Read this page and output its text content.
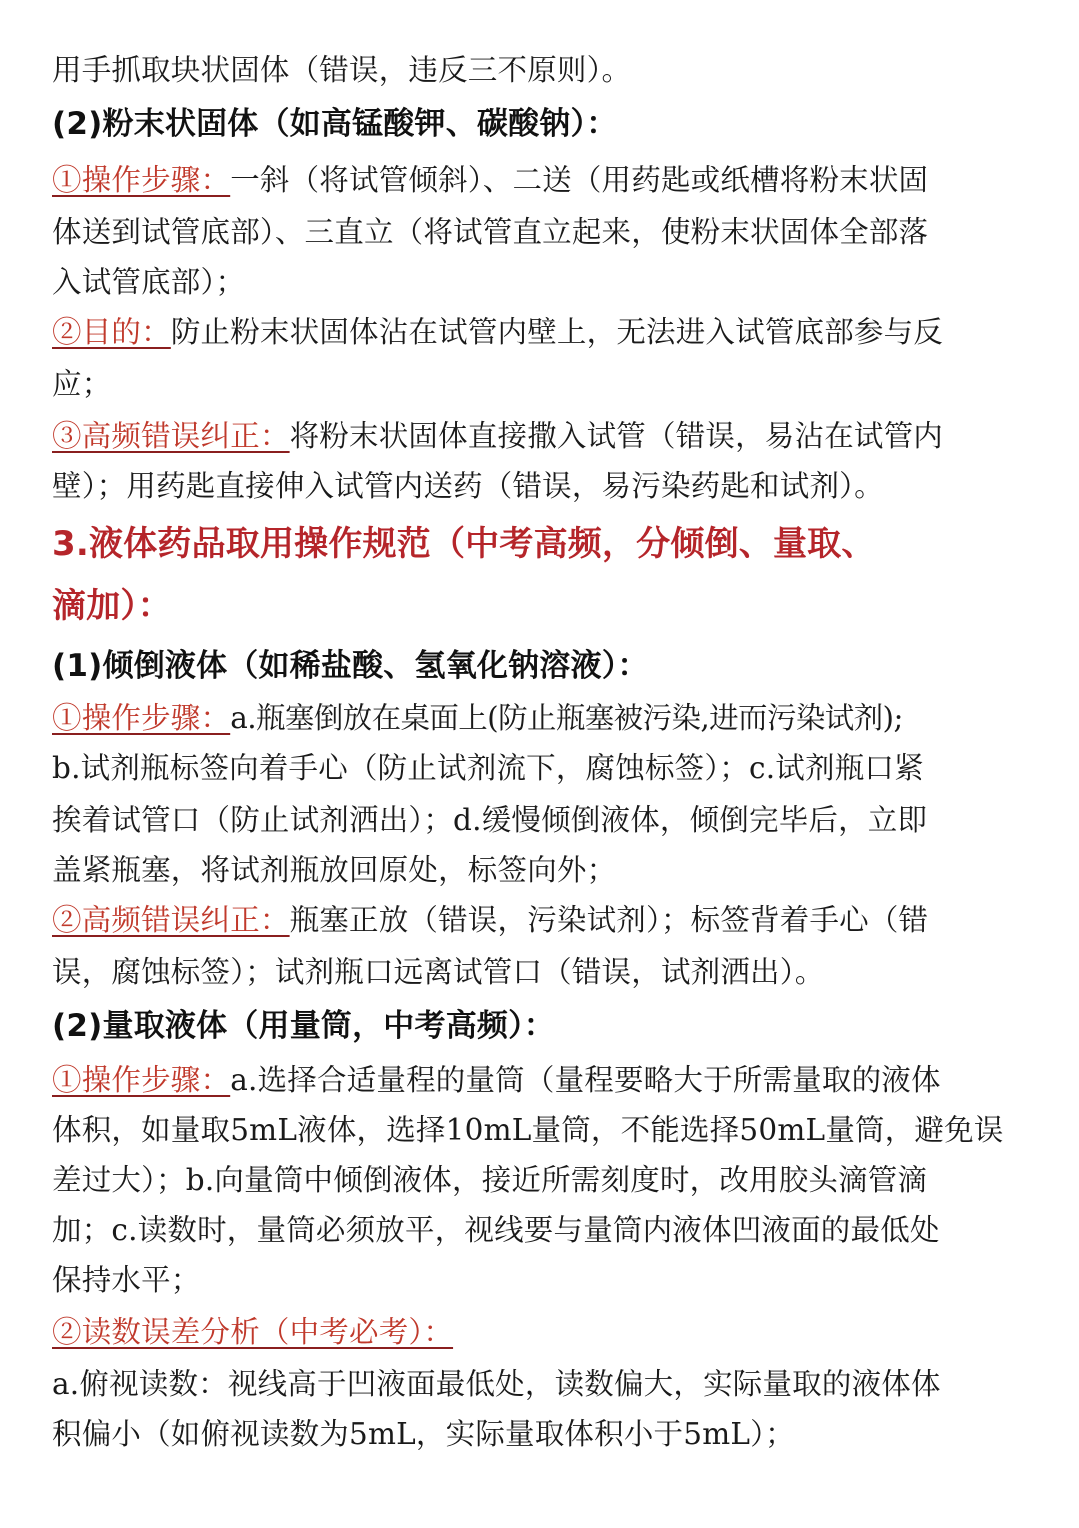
用手抓取块状固体（错误，违反三不原则）。
(2)粉末状固体（如高锰酸钾、碳酸钠）：
①操作步骤：一斜（将试管倾斜）、二送（用药匙或纸槽将粉末状固
体送到试管底部）、三直立（将试管直立起来，使粉末状固体全部落
入试管底部）；
②目的：防止粉末状固体沾在试管内壁上，无法进入试管底部参与反
应；
③高频错误纠正：将粉末状固体直接撒入试管（错误，易沾在试管内
壁）；用药匙直接伸入试管内送药（错误，易污染药匙和试剂）。
3.液体药品取用操作规范（中考高频，分倾倒、量取、
滴加）：
(1)倾倒液体（如稀盐酸、氢氧化钠溶液）：
①操作步骤：a.瓶塞倒放在桌面上(防止瓶塞被污染,进而污染试剂);
b.试剂瓶标签向着手心（防止试剂流下，腐蚀标签）；c.试剂瓶口紧
挨着试管口（防止试剂洒出）；d.缓慢倾倒液体，倾倒完毕后，立即
盖紧瓶塞，将试剂瓶放回原处，标签向外；
②高频错误纠正：瓶塞正放（错误，污染试剂）；标签背着手心（错
误，腐蚀标签）；试剂瓶口远离试管口（错误，试剂洒出）。
(2)量取液体（用量筒，中考高频）：
①操作步骤：a.选择合适量程的量筒（量程要略大于所需量取的液体
体积，如量取5mL液体，选择10mL量筒，不能选择50mL量筒，避免误
差过大）；b.向量筒中倾倒液体，接近所需刻度时，改用胶头滴管滴
加；c.读数时，量筒必须放平，视线要与量筒内液体凹液面的最低处
保持水平；
②读数误差分析（中考必考）：
a.俯视读数：视线高于凹液面最低处，读数偏大，实际量取的液体体
积偏小（如俯视读数为5mL，实际量取体积小于5mL）；
